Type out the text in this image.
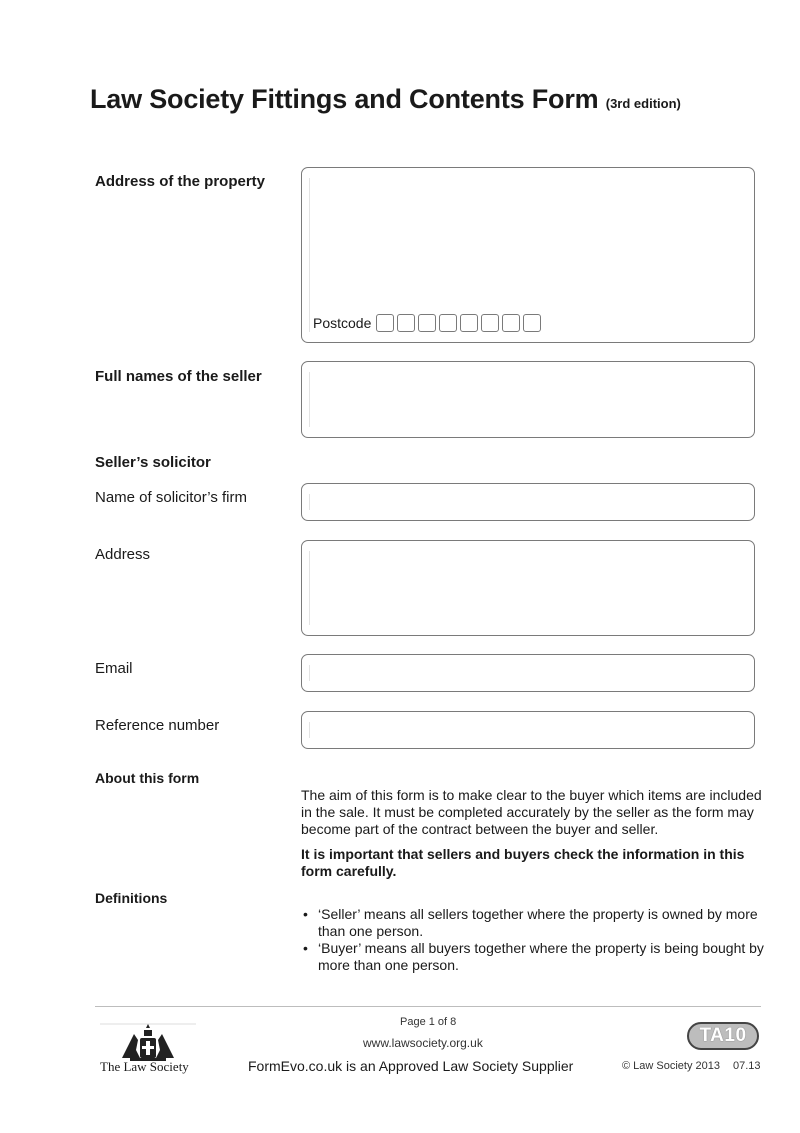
Law Society Fittings and Contents Form (3rd edition)
Address of the property
Postcode
Full names of the seller
Seller’s solicitor
Name of solicitor’s firm
Address
Email
Reference number
About this form

The aim of this form is to make clear to the buyer which items are included in the sale. It must be completed accurately by the seller as the form may become part of the contract between the buyer and seller.

It is important that sellers and buyers check the information in this form carefully.

Definitions
• ‘Seller’ means all sellers together where the property is owned by more than one person.
• ‘Buyer’ means all buyers together where the property is being bought by more than one person.
The Law Society
Page 1 of 8
www.lawsociety.org.uk
FormEvo.co.uk is an Approved Law Society Supplier	© Law Society 2013 07.13
TA10
